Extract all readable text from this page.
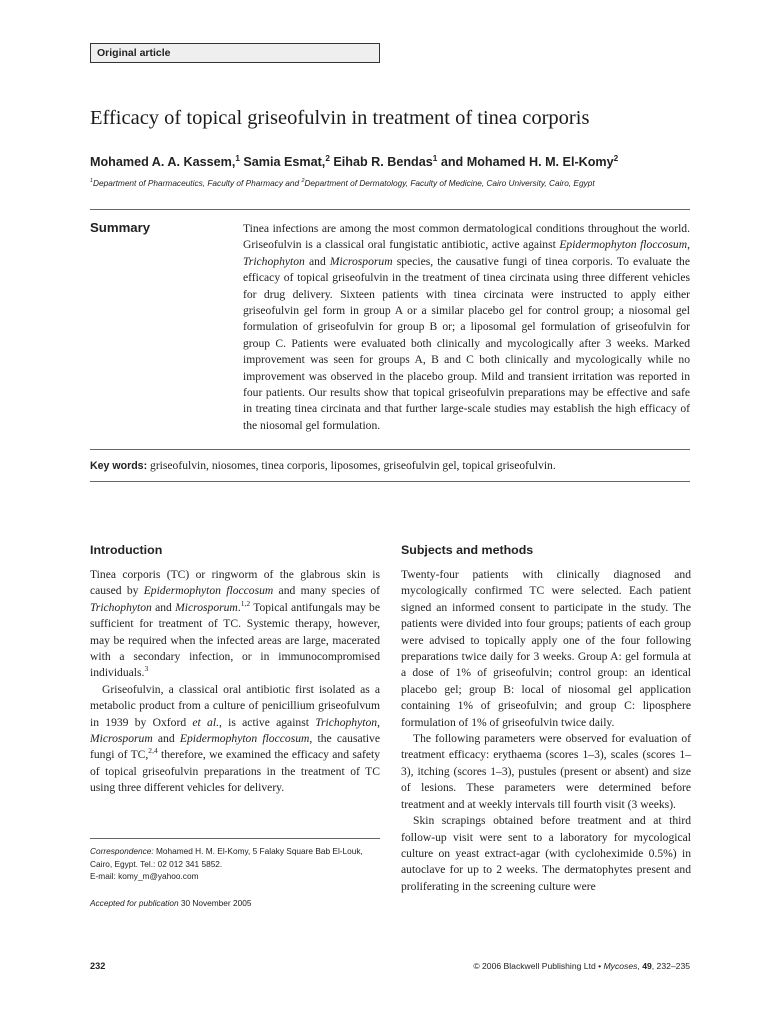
Original article
Efficacy of topical griseofulvin in treatment of tinea corporis
Mohamed A. A. Kassem,$^1$ Samia Esmat,$^2$ Eihab R. Bendas$^1$ and Mohamed H. M. El-Komy$^2$
$^1$Department of Pharmaceutics, Faculty of Pharmacy and $^2$Department of Dermatology, Faculty of Medicine, Cairo University, Cairo, Egypt
Summary	Tinea infections are among the most common dermatological conditions throughout the world. Griseofulvin is a classical oral fungistatic antibiotic, active against Epidermophyton floccosum, Trichophyton and Microsporum species, the causative fungi of tinea corporis. To evaluate the efficacy of topical griseofulvin in the treatment of tinea circinata using three different vehicles for drug delivery. Sixteen patients with tinea circinata were instructed to apply either griseofulvin gel form in group A or a similar placebo gel for control group; a niosomal gel formulation of griseofulvin for group B or; a liposomal gel formulation of griseofulvin for group C. Patients were evaluated both clinically and mycologically after 3 weeks. Marked improvement was seen for groups A, B and C both clinically and mycologically while no improvement was observed in the placebo group. Mild and transient irritation was reported in four patients. Our results show that topical griseofulvin preparations may be effective and safe in treating tinea circinata and that further large-scale studies may establish the high efficacy of the niosomal gel formulation.
Key words: griseofulvin, niosomes, tinea corporis, liposomes, griseofulvin gel, topical griseofulvin.
Introduction

Tinea corporis (TC) or ringworm of the glabrous skin is caused by Epidermophyton floccosum and many species of Trichophyton and Microsporum.$^{1,2}$ Topical antifungals may be sufficient for treatment of TC. Systemic therapy, however, may be required when the infected areas are large, macerated with a secondary infection, or in immunocompromised individuals.$^3$

Griseofulvin, a classical oral antibiotic first isolated as a metabolic product from a culture of penicillium griseofulvum in 1939 by Oxford et al., is active against Trichophyton, Microsporum and Epidermophyton floccosum, the causative fungi of TC,$^{2,4}$ therefore, we examined the efficacy and safety of topical griseofulvin preparations in the treatment of TC using three different vehicles for delivery.

Subjects and methods

Twenty-four patients with clinically diagnosed and mycologically confirmed TC were selected. Each patient signed an informed consent to participate in the study. The patients were divided into four groups; patients of each group were advised to topically apply one of the four following preparations twice daily for 3 weeks. Group A: gel formula at a dose of 1% of griseofulvin; control group: an identical placebo gel; group B: local of niosomal gel application containing 1% of griseofulvin; and group C: liposphere formulation of 1% of griseofulvin twice daily.

The following parameters were observed for evaluation of treatment efficacy: erythaema (scores 1–3), scales (scores 1–3), itching (scores 1–3), pustules (present or absent) and size of lesions. These parameters were determined before treatment and at weekly intervals till fourth visit (3 weeks).

Skin scrapings obtained before treatment and at third follow-up visit were sent to a laboratory for mycological culture on yeast extract-agar (with cycloheximide 0.5%) in autoclave for up to 2 weeks. The dermatophytes present and proliferating in the screening culture were

Correspondence: Mohamed H. M. El-Komy, 5 Falaky Square Bab El-Louk, Cairo, Egypt. Tel.: 02 012 341 5852.
E-mail: komy_m@yahoo.com
Accepted for publication 30 November 2005
232	© 2006 Blackwell Publishing Ltd • Mycoses, 49, 232–235
